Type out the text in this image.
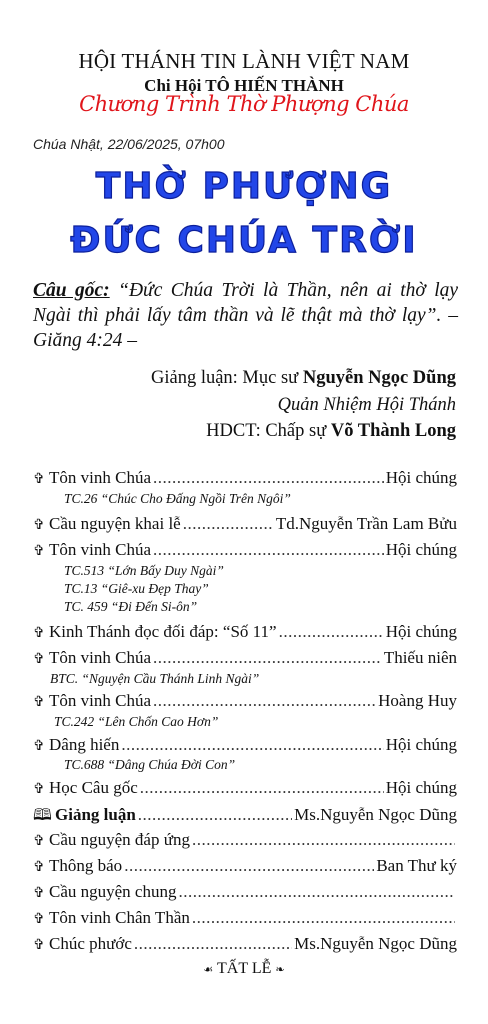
HỘI THÁNH TIN LÀNH VIỆT NAM
Chi Hội TÔ HIẾN THÀNH
Chương Trình Thờ Phượng Chúa
Chúa Nhật, 22/06/2025, 07h00
THỜ PHƯỢNG
ĐỨC CHÚA TRỜI
Câu gốc: “Đức Chúa Trời là Thần, nên ai thờ lạy Ngài thì phải lấy tâm thần và lẽ thật mà thờ lạy”. – Giăng 4:24 –
Giảng luận: Mục sư Nguyễn Ngọc Dũng
Quản Nhiệm Hội Thánh
HDCT: Chấp sự Võ Thành Long
✞ Tôn vinh Chúa .....	Hội chúng
TC.26 “Chúc Cho Đấng Ngồi Trên Ngôi”
✞ Cầu nguyện khai lễ .....	Td.Nguyễn Trần Lam Bửu
✞ Tôn vinh Chúa .....	Hội chúng
TC.513 “Lớn Bấy Duy Ngài”
TC.13 “Giê-xu Đẹp Thay”
TC. 459 “Đi Đến Si-ôn”
✞ Kinh Thánh đọc đối đáp: “Số 11” .....	Hội chúng
✞ Tôn vinh Chúa .....	Thiếu niên
BTC. “Nguyện Cầu Thánh Linh Ngài”
✞ Tôn vinh Chúa .....	Hoàng Huy
TC.242 “Lên Chốn Cao Hơn”
✞ Dâng hiến .....	Hội chúng
TC.688 “Dâng Chúa Đời Con”
✞ Học Câu gốc .....	Hội chúng
🕮 Giảng luận .....	Ms.Nguyễn Ngọc Dũng
✞ Cầu nguyện đáp ứng
.....
✞ Thông báo .....	Ban Thư ký
✞ Cầu nguyện chung
.....
✞ Tôn vinh Chân Thần
.....
✞ Chúc phước .....	Ms.Nguyễn Ngọc Dũng
☙ TẤT LỄ ❧
